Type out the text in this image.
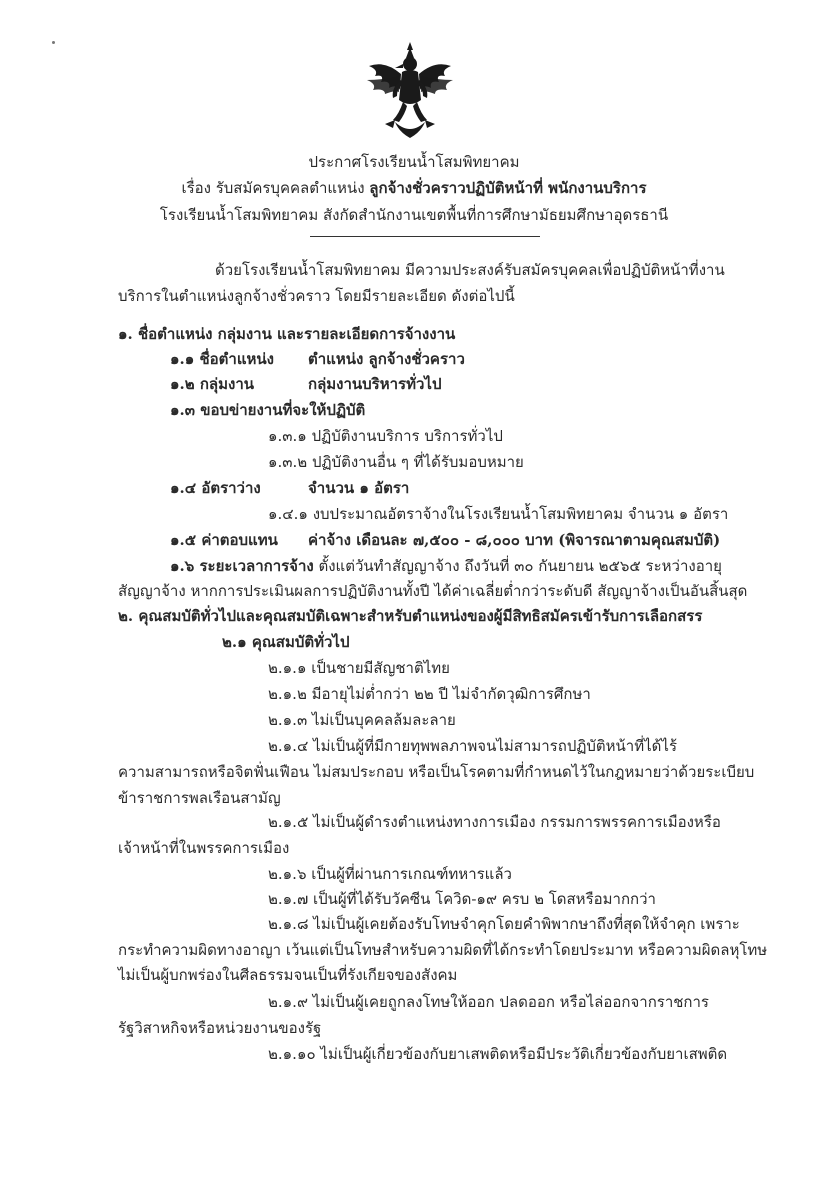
ประกาศโรงเรียนน้ำโสมพิทยาคม
เรื่อง รับสมัครบุคคลตำแหน่ง ลูกจ้างชั่วคราวปฏิบัติหน้าที่ พนักงานบริการ
โรงเรียนน้ำโสมพิทยาคม สังกัดสำนักงานเขตพื้นที่การศึกษามัธยมศึกษาอุดรธานี
ด้วยโรงเรียนน้ำโสมพิทยาคม มีความประสงค์รับสมัครบุคคลเพื่อปฏิบัติหน้าที่งาน
บริการในตำแหน่งลูกจ้างชั่วคราว โดยมีรายละเอียด ดังต่อไปนี้
๑. ชื่อตำแหน่ง กลุ่มงาน และรายละเอียดการจ้างงาน
๑.๑ ชื่อตำแหน่ง ตำแหน่ง ลูกจ้างชั่วคราว
๑.๒ กลุ่มงาน	กลุ่มงานบริหารทั่วไป
๑.๓ ขอบข่ายงานที่จะให้ปฏิบัติ
๑.๓.๑ ปฏิบัติงานบริการ บริการทั่วไป
๑.๓.๒ ปฏิบัติงานอื่น ๆ ที่ได้รับมอบหมาย
๑.๔ อัตราว่าง	จำนวน ๑ อัตรา
๑.๔.๑ งบประมาณอัตราจ้างในโรงเรียนน้ำโสมพิทยาคม จำนวน ๑ อัตรา
๑.๕ ค่าตอบแทน ค่าจ้าง เดือนละ ๗,๕๐๐ - ๘,๐๐๐ บาท (พิจารณาตามคุณสมบัติ)
๑.๖ ระยะเวลาการจ้าง ตั้งแต่วันทำสัญญาจ้าง ถึงวันที่ ๓๐ กันยายน ๒๕๖๕ ระหว่างอายุ
สัญญาจ้าง หากการประเมินผลการปฏิบัติงานทั้งปี ได้ค่าเฉลี่ยต่ำกว่าระดับดี สัญญาจ้างเป็นอันสิ้นสุด
๒. คุณสมบัติทั่วไปและคุณสมบัติเฉพาะสำหรับตำแหน่งของผู้มีสิทธิสมัครเข้ารับการเลือกสรร
๒.๑ คุณสมบัติทั่วไป
๒.๑.๑ เป็นชายมีสัญชาติไทย
๒.๑.๒ มีอายุไม่ต่ำกว่า ๒๒ ปี ไม่จำกัดวุฒิการศึกษา
๒.๑.๓ ไม่เป็นบุคคลล้มละลาย
๒.๑.๔ ไม่เป็นผู้ที่มีกายทุพพลภาพจนไม่สามารถปฏิบัติหน้าที่ได้ไร้
ความสามารถหรือจิตฟั่นเฟือน ไม่สมประกอบ หรือเป็นโรคตามที่กำหนดไว้ในกฎหมายว่าด้วยระเบียบ
ข้าราชการพลเรือนสามัญ
๒.๑.๕ ไม่เป็นผู้ดำรงตำแหน่งทางการเมือง กรรมการพรรคการเมืองหรือ
เจ้าหน้าที่ในพรรคการเมือง
๒.๑.๖ เป็นผู้ที่ผ่านการเกณฑ์ทหารแล้ว
๒.๑.๗ เป็นผู้ที่ได้รับวัคซีน โควิด-๑๙ ครบ ๒ โดสหรือมากกว่า
๒.๑.๘ ไม่เป็นผู้เคยต้องรับโทษจำคุกโดยคำพิพากษาถึงที่สุดให้จำคุก เพราะ
กระทำความผิดทางอาญา เว้นแต่เป็นโทษสำหรับความผิดที่ได้กระทำโดยประมาท หรือความผิดลหุโทษ
ไม่เป็นผู้บกพร่องในศีลธรรมจนเป็นที่รังเกียจของสังคม
๒.๑.๙ ไม่เป็นผู้เคยถูกลงโทษให้ออก ปลดออก หรือไล่ออกจากราชการ
รัฐวิสาหกิจหรือหน่วยงานของรัฐ
๒.๑.๑๐ ไม่เป็นผู้เกี่ยวข้องกับยาเสพติดหรือมีประวัติเกี่ยวข้องกับยาเสพติด
